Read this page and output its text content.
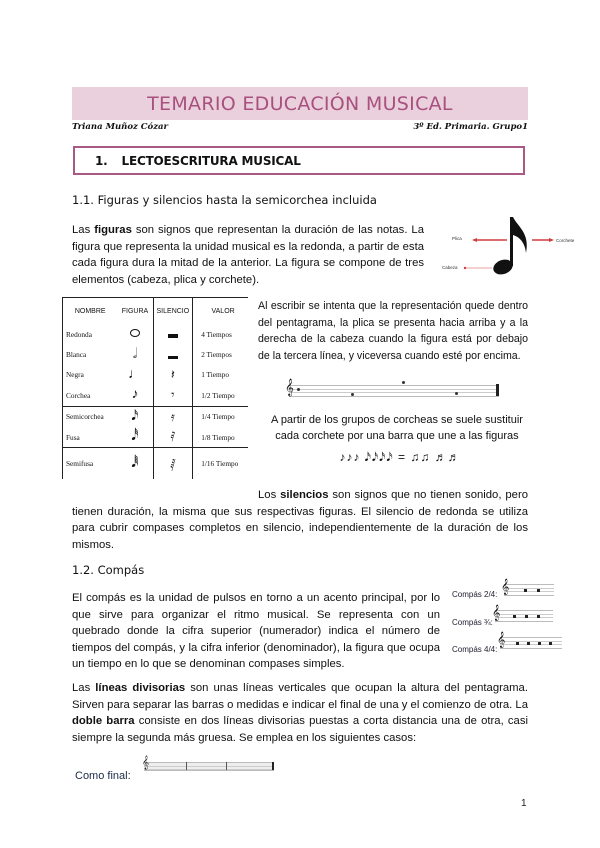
TEMARIO EDUCACIÓN MUSICAL
Triana Muñoz Cózar	3º Ed. Primaria. Grupo1
1. LECTOESCRITURA MUSICAL
1.1. Figuras y silencios hasta la semicorchea incluida
Las figuras son signos que representan la duración de las notas. La figura que representa la unidad musical es la redonda, a partir de esta cada figura dura la mitad de la anterior. La figura se compone de tres elementos (cabeza, plica y corchete).
Plica	Corchete
Cabeza
NOMBRE	FIGURA	SILENCIO	VALOR
Redonda			4 Tiempos
Blanca	𝅗𝅥		2 Tiempos
Negra	♩	𝄽	1 Tiempo
Corchea	♪	𝄾	1/2 Tiempo
Semicorchea	𝅘𝅥𝅯	𝄿	1/4 Tiempo
Fusa	𝅘𝅥𝅰	𝅀	1/8 Tiempo
Semifusa	𝅘𝅥𝅱	𝅁	1/16 Tiempo
Al escribir se intenta que la representación quede dentro del pentagrama, la plica se presenta hacia arriba y a la derecha de la cabeza cuando la figura está por debajo de la tercera línea, y viceversa cuando esté por encima.
𝄞
A partir de los grupos de corcheas se suele sustituir cada corchete por una barra que une a las figuras
♪♪♪ 𝅘𝅥𝅯𝅘𝅥𝅯𝅘𝅥𝅯𝅘𝅥𝅯 = ♫♫ ♬♬
Los silencios son signos que no tienen sonido, pero tienen duración, la misma que sus respectivas figuras. El silencio de redonda se utiliza para cubrir compases completos en silencio, independientemente de la duración de los mismos.
1.2. Compás
El compás es la unidad de pulsos en torno a un acento principal, por lo que sirve para organizar el ritmo musical. Se representa con un quebrado donde la cifra superior (numerador) indica el número de tiempos del compás, y la cifra inferior (denominador), la figura que ocupa un tiempo en lo que se denominan compases simples.
Compás 2/4:
𝄞
Compás ¾:
𝄞
Compás 4/4:
𝄞
Las líneas divisorias son unas líneas verticales que ocupan la altura del pentagrama. Sirven para separar las barras o medidas e indicar el final de una y el comienzo de otra. La doble barra consiste en dos líneas divisorias puestas a corta distancia una de otra, casi siempre la segunda más gruesa. Se emplea en los siguientes casos:
Como final:
𝄞
1
